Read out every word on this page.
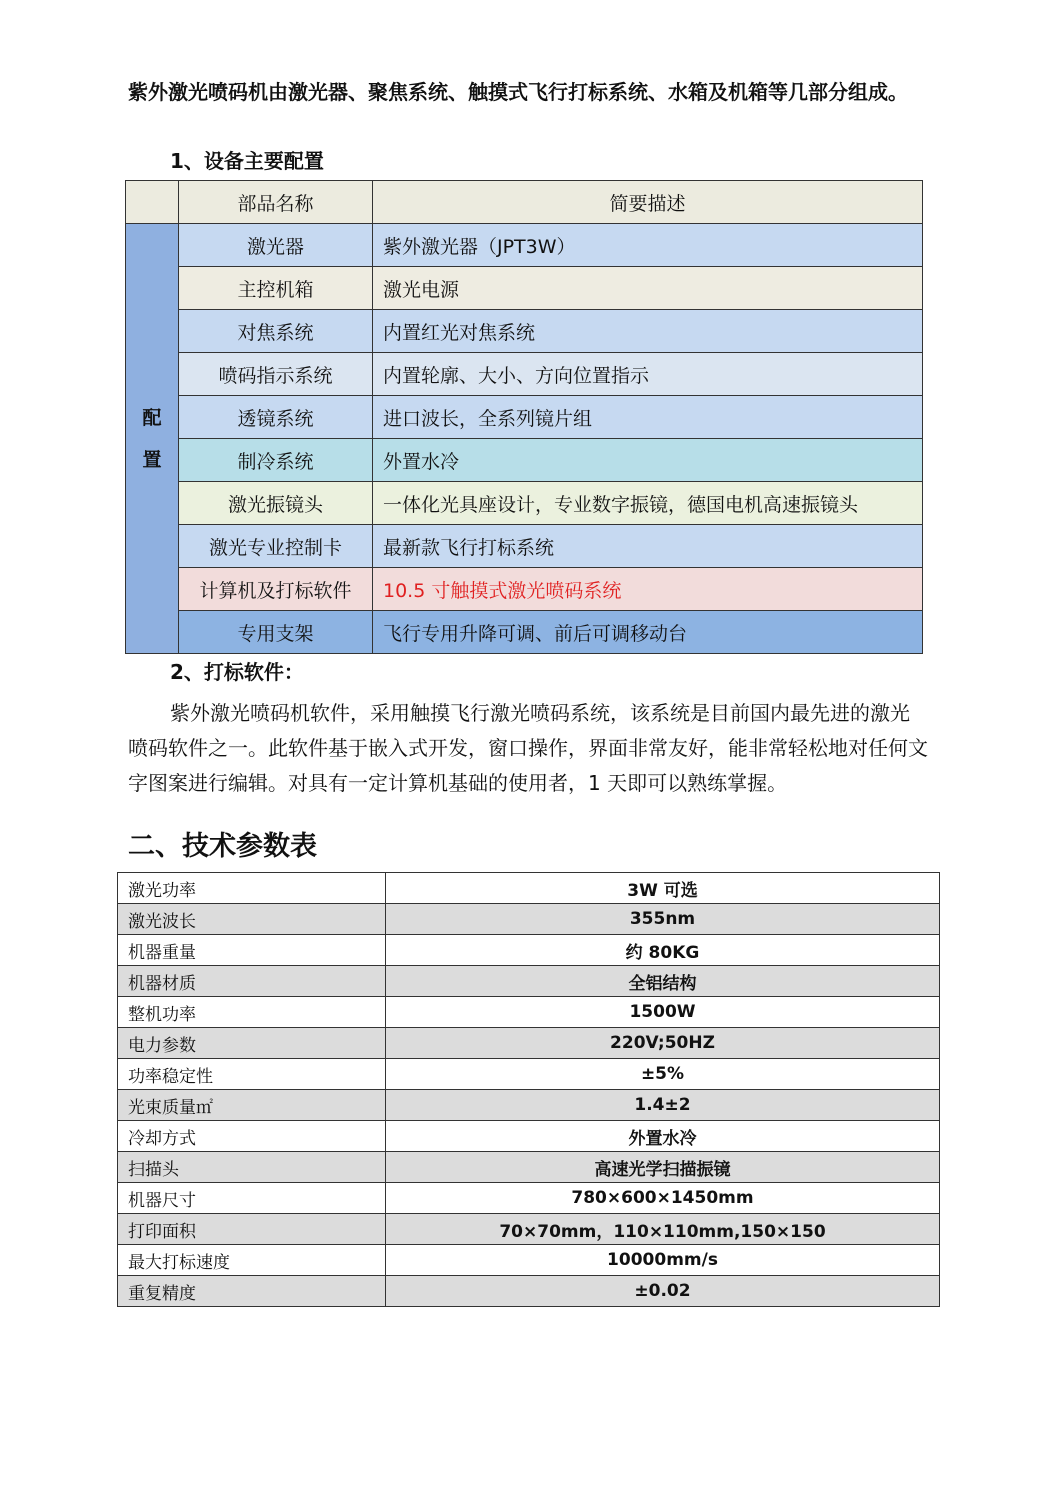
紫外激光喷码机由激光器、聚焦系统、触摸式飞行打标系统、水箱及机箱等几部分组成。
1、设备主要配置
	部品名称	简要描述

配
置	激光器	紫外激光器（JPT3W）
	主控机箱	激光电源
	对焦系统	内置红光对焦系统
	喷码指示系统	内置轮廓、大小、方向位置指示
	透镜系统	进口波长，全系列镜片组
	制冷系统	外置水冷
	激光振镜头	一体化光具座设计，专业数字振镜，德国电机高速振镜头
	激光专业控制卡	最新款飞行打标系统
	计算机及打标软件	10.5 寸触摸式激光喷码系统
	专用支架	飞行专用升降可调、前后可调移动台
2、打标软件：
紫外激光喷码机软件，采用触摸飞行激光喷码系统，该系统是目前国内最先进的激光喷码软件之一。此软件基于嵌入式开发，窗口操作，界面非常友好，能非常轻松地对任何文字图案进行编辑。对具有一定计算机基础的使用者，1 天即可以熟练掌握。
二、技术参数表
激光功率	3W 可选
激光波长	355nm
机器重量	约 80KG
机器材质	全铝结构
整机功率	1500W
电力参数	220V;50HZ
功率稳定性	±5%
光束质量㎡	1.4±2
冷却方式	外置水冷
扫描头	高速光学扫描振镜
机器尺寸	780×600×1450mm
打印面积	70×70mm，110×110mm,150×150
最大打标速度	10000mm/s
重复精度	±0.02
